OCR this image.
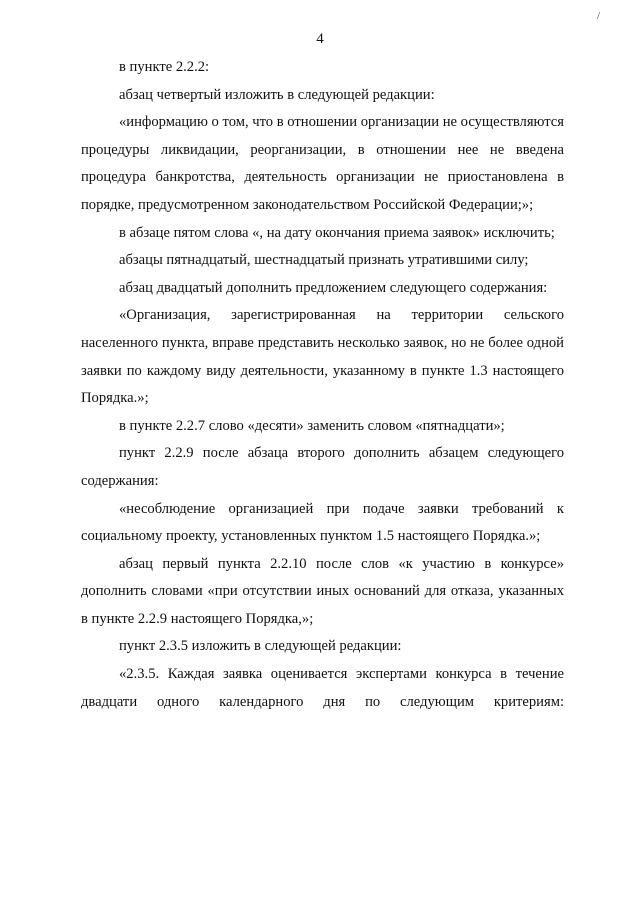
4
/

в пункте 2.2.2:

абзац четвертый изложить в следующей редакции:

«информацию о том, что в отношении организации не осуществляются процедуры ликвидации, реорганизации, в отношении нее не введена процедура банкротства, деятельность организации не приостановлена в порядке, предусмотренном законодательством Российской Федерации;»;

в абзаце пятом слова «, на дату окончания приема заявок» исключить;

абзацы пятнадцатый, шестнадцатый признать утратившими силу;

абзац двадцатый дополнить предложением следующего содержания:

«Организация, зарегистрированная на территории сельского населенного пункта, вправе представить несколько заявок, но не более одной заявки по каждому виду деятельности, указанному в пункте 1.3 настоящего Порядка.»;

в пункте 2.2.7 слово «десяти» заменить словом «пятнадцати»;

пункт 2.2.9 после абзаца второго дополнить абзацем следующего содержания:

«несоблюдение организацией при подаче заявки требований к социальному проекту, установленных пунктом 1.5 настоящего Порядка.»;

абзац первый пункта 2.2.10 после слов «к участию в конкурсе» дополнить словами «при отсутствии иных оснований для отказа, указанных в пункте 2.2.9 настоящего Порядка,»;

пункт 2.3.5 изложить в следующей редакции:

«2.3.5. Каждая заявка оценивается экспертами конкурса в течение двадцати одного календарного дня по следующим критериям:
